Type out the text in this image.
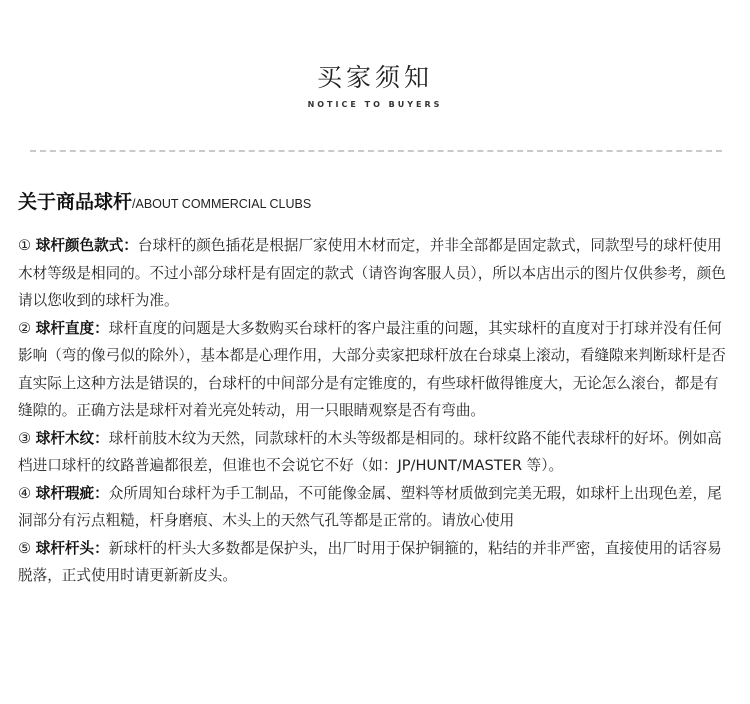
买家须知
NOTICE TO BUYERS
关于商品球杆/ABOUT COMMERCIAL CLUBS

① 球杆颜色款式：台球杆的颜色插花是根据厂家使用木材而定，并非全部都是固定款式，同款型号的球杆使用木材等级是相同的。不过小部分球杆是有固定的款式（请咨询客服人员），所以本店出示的图片仅供参考，颜色请以您收到的球杆为准。

② 球杆直度：球杆直度的问题是大多数购买台球杆的客户最注重的问题，其实球杆的直度对于打球并没有任何影响（弯的像弓似的除外），基本都是心理作用，大部分卖家把球杆放在台球桌上滚动，看缝隙来判断球杆是否直实际上这种方法是错误的，台球杆的中间部分是有定锥度的，有些球杆做得锥度大，无论怎么滚台，都是有缝隙的。正确方法是球杆对着光亮处转动，用一只眼睛观察是否有弯曲。

③ 球杆木纹：球杆前肢木纹为天然，同款球杆的木头等级都是相同的。球杆纹路不能代表球杆的好坏。例如高档进口球杆的纹路普遍都很差，但谁也不会说它不好（如：JP/HUNT/MASTER 等）。

④ 球杆瑕疵：众所周知台球杆为手工制品，不可能像金属、塑料等材质做到完美无瑕，如球杆上出现色差，尾洞部分有污点粗糙，杆身磨痕、木头上的天然气孔等都是正常的。请放心使用

⑤ 球杆杆头：新球杆的杆头大多数都是保护头，出厂时用于保护铜箍的，粘结的并非严密，直接使用的话容易脱落，正式使用时请更新新皮头。
